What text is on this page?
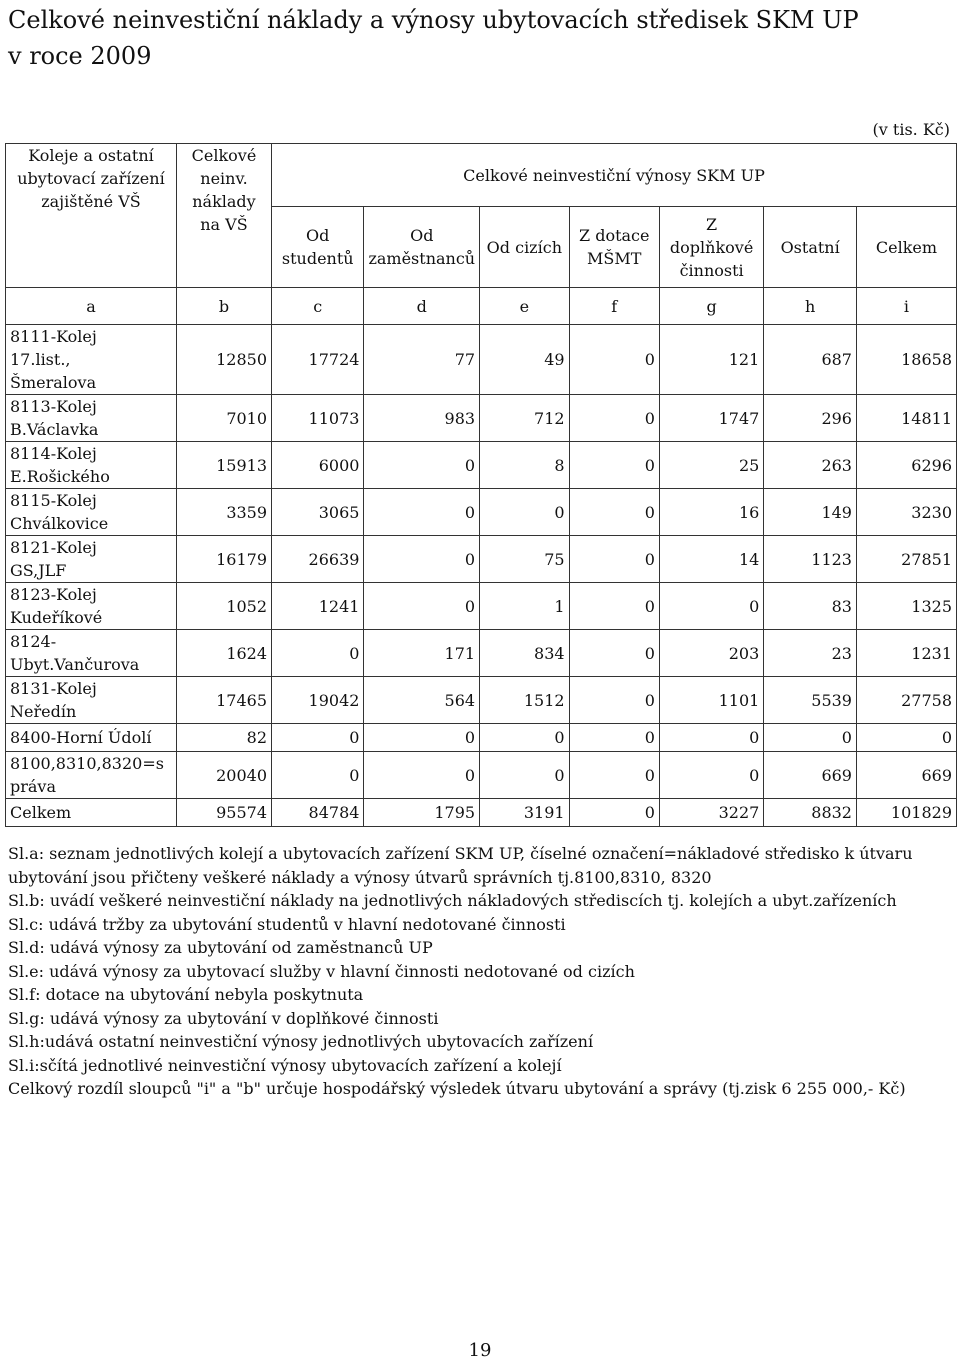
Celkové neinvestiční náklady a výnosy ubytovacích středisek SKM UP
v roce 2009
(v tis. Kč)
Koleje a ostatní ubytovací zařízení zajištěné VŠ	Celkové neinv. náklady na VŠ	Celkové neinvestiční výnosy SKM UP						
		Od studentů	Od zaměstnanců	Od cizích	Z dotace MŠMT	Z doplňkové činnosti	Ostatní	Celkem
a	b	c	d	e	f	g	h	i
8111-Kolej
17.list.,
Šmeralova	12850	17724	77	49	0	121	687	18658
8113-Kolej
B.Václavka	7010	11073	983	712	0	1747	296	14811
8114-Kolej
E.Rošického	15913	6000	0	8	0	25	263	6296
8115-Kolej
Chválkovice	3359	3065	0	0	0	16	149	3230
8121-Kolej
GS,JLF	16179	26639	0	75	0	14	1123	27851
8123-Kolej
Kudeříkové	1052	1241	0	1	0	0	83	1325
8124-
Ubyt.Vančurova	1624	0	171	834	0	203	23	1231
8131-Kolej
Neředín	17465	19042	564	1512	0	1101	5539	27758
8400-Horní Údolí	82	0	0	0	0	0	0	0
8100,8310,8320=s
práva	20040	0	0	0	0	0	669	669
Celkem	95574	84784	1795	3191	0	3227	8832	101829

Sl.a: seznam jednotlivých kolejí a ubytovacích zařízení SKM UP, číselné označení=nákladové středisko k útvaru ubytování jsou přičteny veškeré náklady a výnosy útvarů správních tj.8100,8310, 8320

Sl.b: uvádí veškeré neinvestiční náklady na jednotlivých nákladových střediscích tj. kolejích a ubyt.zařízeních

Sl.c: udává tržby za ubytování studentů v hlavní nedotované činnosti

Sl.d: udává výnosy za ubytování od zaměstnanců UP

Sl.e: udává výnosy za ubytovací služby v hlavní činnosti nedotované od cizích

Sl.f: dotace na ubytování nebyla poskytnuta

Sl.g: udává výnosy za ubytování v doplňkové činnosti

Sl.h:udává ostatní neinvestiční výnosy jednotlivých ubytovacích zařízení

Sl.i:sčítá jednotlivé neinvestiční výnosy ubytovacích zařízení a kolejí

Celkový rozdíl sloupců "i" a "b" určuje hospodářský výsledek útvaru ubytování a správy (tj.zisk 6 255 000,- Kč)

19
